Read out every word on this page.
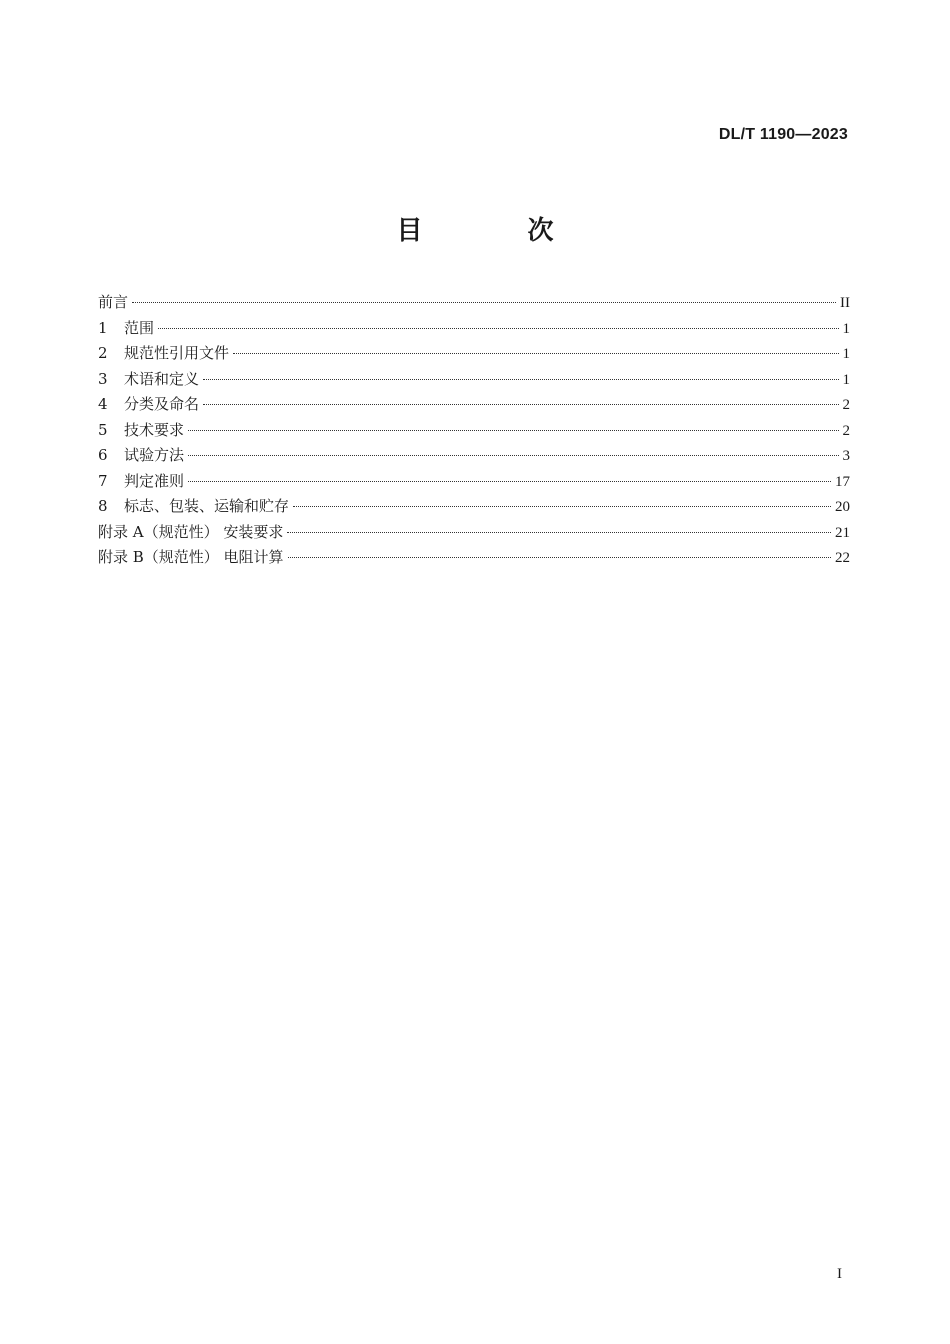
DL/T 1190—2023
目 次
前言	II
1	范围	1
2	规范性引用文件	1
3	术语和定义	1
4	分类及命名	2
5	技术要求	2
6	试验方法	3
7	判定准则	17
8	标志、包装、运输和贮存	20
附录 A（规范性） 安装要求	21
附录 B（规范性） 电阻计算	22
I
